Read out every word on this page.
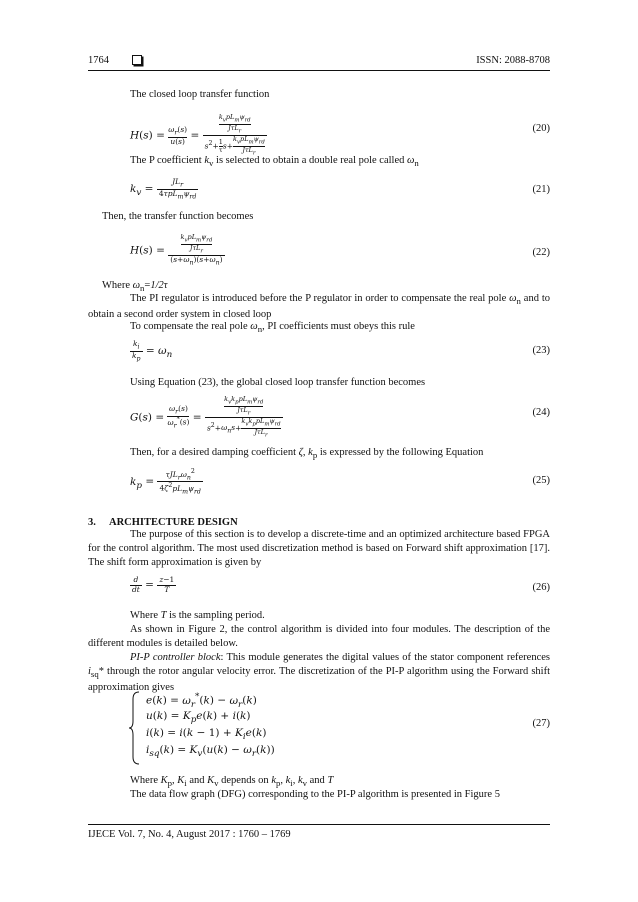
1764	ISSN: 2088-8708
The closed loop transfer function
$H(s) = \frac{\omega_r(s)}{u(s)} = k_vpL_m\psi_{rd}$
JτL$_r$
$s^2+ \frac{1}{\tau} s+$
$k_vpL_m\psi_{rd}$
JτL$_r$	(20)
The P coefficient $k_v$ is selected to obtain a double real pole called $\omega_n$
$k_v = \frac{JL_r}{4\tau pL_m\psi_{rd}}$	(21)
Then, the transfer function becomes
$H(s) = k_vpL_m\psi_{rd}$
JτL$_r$
$(s+\omega_n)(s+\omega_n)$	(22)
Where $\omega_n=1/2\tau$
The PI regulator is introduced before the P regulator in order to compensate the real pole $\omega_n$ and to obtain a second order system in closed loop
To compensate the real pole $\omega_n$, PI coefficients must obeys this rule
$\frac{k_i}{k_p} = \omega_n$	(23)
Using Equation (23), the global closed loop transfer function becomes
$G(s) = \frac{\omega_r(s)}{\omega_r^*(s)} = k_vk_ppL_m\psi_{rd}$
JτL$_r$
$s^2+\omega_ns+$
$k_vk_ppL_m\psi_{rd}$
JτL$_r$	(24)
Then, for a desired damping coefficient ζ, $k_p$ is expressed by the following Equation
$k_p = \frac{\tau JL_r\omega_n^2}{4\zeta^2pL_m\psi_{rd}}$	(25)
3.     ARCHITECTURE DESIGN
The purpose of this section is to develop a discrete-time and an optimized architecture based FPGA for the control algorithm. The most used discretization method is based on Forward shift approximation [17]. The shift form approximation is given by
$\frac{d}{dt} = \frac{z-1}{T}$	(26)
Where T is the sampling period.
As shown in Figure 2, the control algorithm is divided into four modules. The description of the different modules is detailed below.
PI-P controller block: This module generates the digital values of the stator component references $i_{sq}*$ through the rotor angular velocity error. The discretization of the PI-P algorithm using the Forward shift approximation gives
$e(k) = \omega_r^*(k) - \omega_r(k)$
$u(k) = K_pe(k) + i(k)$
$i(k) = i(k - 1) + K_ie(k)$
$i_{sq}(k) = K_v(u(k) - \omega_r(k))$
(27)
Where $K_p$, $K_i$ and $K_v$ depends on $k_p$, $k_i$, $k_v$ and T
The data flow graph (DFG) corresponding to the PI-P algorithm is presented in Figure 5
IJECE Vol. 7, No. 4, August 2017 : 1760 – 1769
